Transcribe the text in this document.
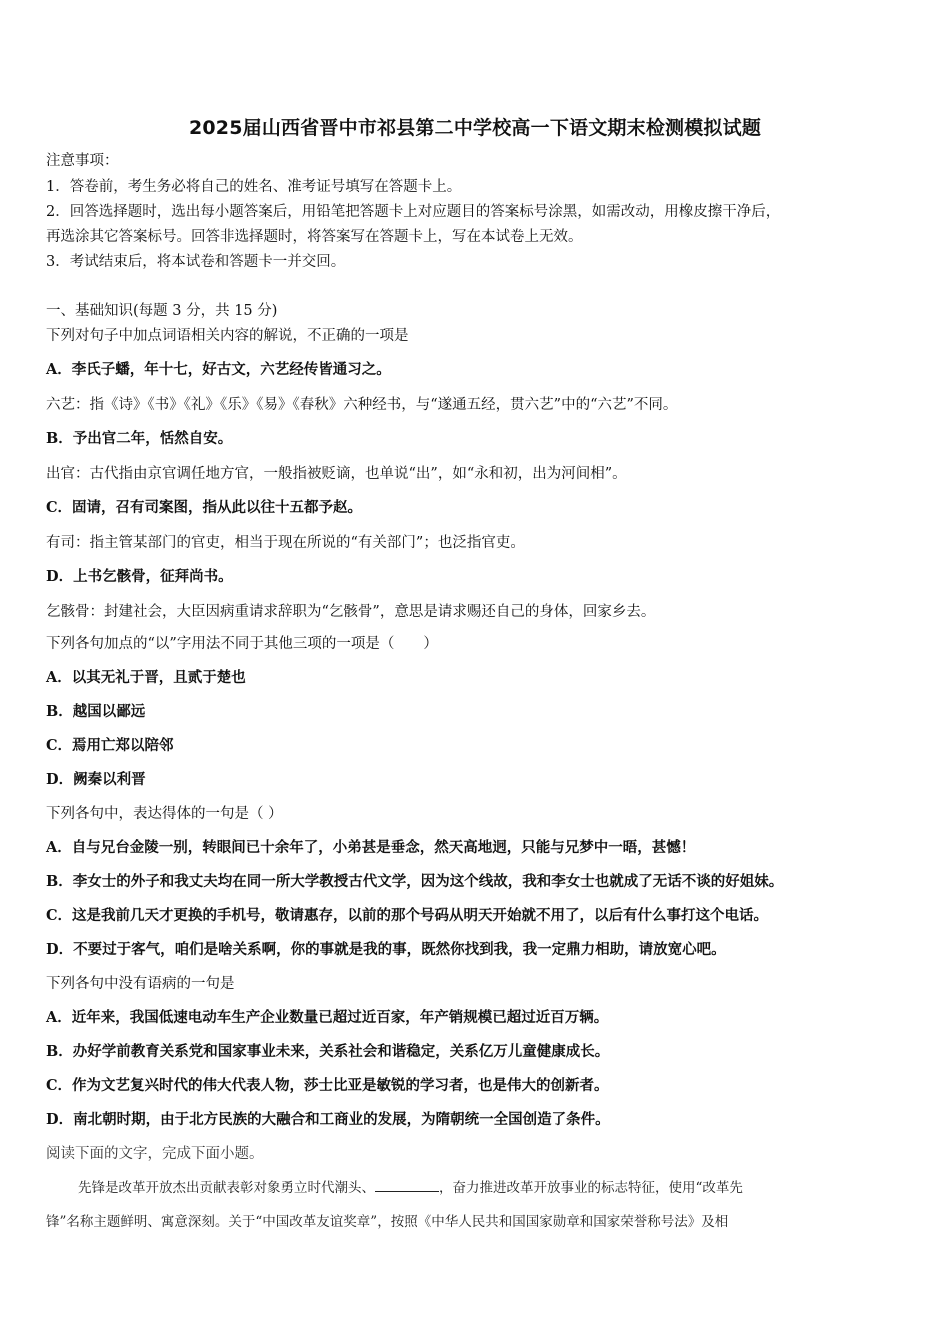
2025届山西省晋中市祁县第二中学校高一下语文期末检测模拟试题
注意事项：
1．答卷前，考生务必将自己的姓名、准考证号填写在答题卡上。
2．回答选择题时，选出每小题答案后，用铅笔把答题卡上对应题目的答案标号涂黑，如需改动，用橡皮擦干净后，
再选涂其它答案标号。回答非选择题时，将答案写在答题卡上，写在本试卷上无效。
3．考试结束后，将本试卷和答题卡一并交回。
一、基础知识(每题 3 分，共 15 分)
下列对句子中加点词语相关内容的解说，不正确的一项是
A．李氏子蟠，年十七，好古文，六艺经传皆通习之。
六艺：指《诗》《书》《礼》《乐》《易》《春秋》六种经书，与“遂通五经，贯六艺”中的“六艺”不同。
B．予出官二年，恬然自安。
出官：古代指由京官调任地方官，一般指被贬谪，也单说“出”，如“永和初，出为河间相”。
C．固请，召有司案图，指从此以往十五都予赵。
有司：指主管某部门的官吏，相当于现在所说的“有关部门”；也泛指官吏。
D．上书乞骸骨，征拜尚书。
乞骸骨：封建社会，大臣因病重请求辞职为“乞骸骨”，意思是请求赐还自己的身体，回家乡去。
下列各句加点的“以”字用法不同于其他三项的一项是（　　）
A．以其无礼于晋，且贰于楚也
B．越国以鄙远
C．焉用亡郑以陪邻
D．阙秦以利晋
下列各句中，表达得体的一句是（ ）
A．自与兄台金陵一别，转眼间已十余年了，小弟甚是垂念，然天高地迥，只能与兄梦中一晤，甚憾！
B．李女士的外子和我丈夫均在同一所大学教授古代文学，因为这个线故，我和李女士也就成了无话不谈的好姐妹。
C．这是我前几天才更换的手机号，敬请惠存，以前的那个号码从明天开始就不用了，以后有什么事打这个电话。
D．不要过于客气，咱们是啥关系啊，你的事就是我的事，既然你找到我，我一定鼎力相助，请放宽心吧。
下列各句中没有语病的一句是
A．近年来，我国低速电动车生产企业数量已超过近百家，年产销规模已超过近百万辆。
B．办好学前教育关系党和国家事业未来，关系社会和谐稳定，关系亿万儿童健康成长。
C．作为文艺复兴时代的伟大代表人物，莎士比亚是敏锐的学习者，也是伟大的创新者。
D．南北朝时期，由于北方民族的大融合和工商业的发展，为隋朝统一全国创造了条件。
阅读下面的文字，完成下面小题。
先锋是改革开放杰出贡献表彰对象勇立时代潮头、	，奋力推进改革开放事业的标志特征，使用“改革先
锋”名称主题鲜明、寓意深刻。关于“中国改革友谊奖章”，按照《中华人民共和国国家勋章和国家荣誉称号法》及相
